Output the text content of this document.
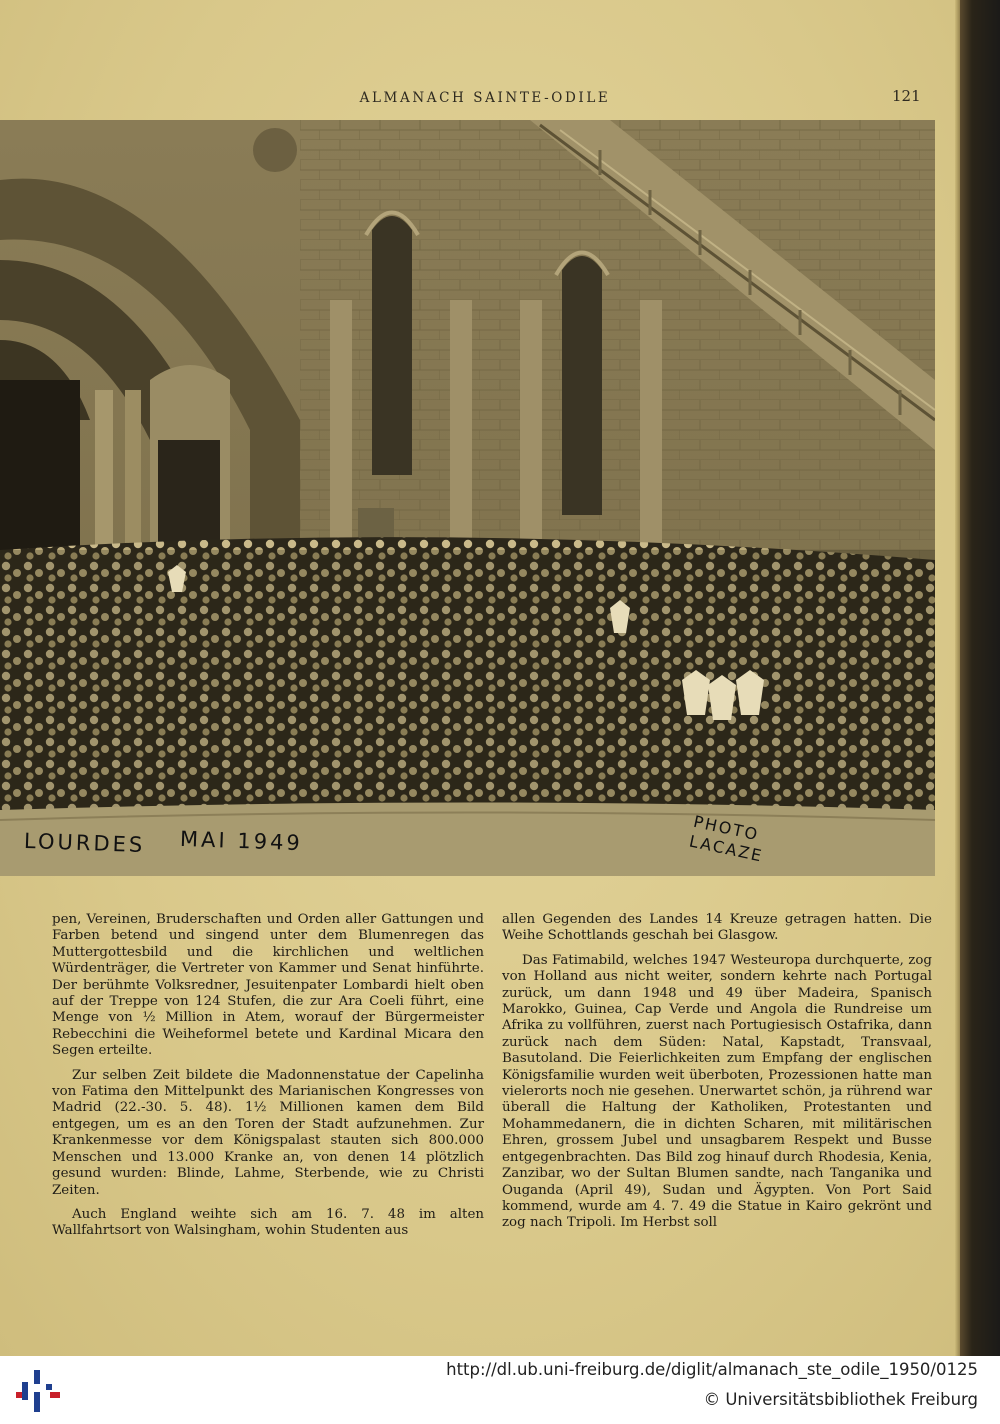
ALMANACH SAINTE-ODILE	121
LOURDES MAI 1949	PHOTO LACAZE

pen, Vereinen, Bruderschaften und Orden aller Gattungen und Farben betend und singend unter dem Blumenregen das Muttergottesbild und die kirchlichen und weltlichen Würdenträger, die Vertreter von Kammer und Senat hinführte. Der berühmte Volksredner, Jesuitenpater Lombardi hielt oben auf der Treppe von 124 Stufen, die zur Ara Coeli führt, eine Menge von ½ Million in Atem, worauf der Bürgermeister Rebecchini die Weiheformel betete und Kardinal Micara den Segen erteilte.

Zur selben Zeit bildete die Madonnenstatue der Capelinha von Fatima den Mittelpunkt des Marianischen Kongresses von Madrid (22.-30. 5. 48). 1½ Millionen kamen dem Bild entgegen, um es an den Toren der Stadt aufzunehmen. Zur Krankenmesse vor dem Königspalast stauten sich 800.000 Menschen und 13.000 Kranke an, von denen 14 plötzlich gesund wurden: Blinde, Lahme, Sterbende, wie zu Christi Zeiten.

Auch England weihte sich am 16. 7. 48 im alten Wallfahrtsort von Walsingham, wohin Studenten aus

allen Gegenden des Landes 14 Kreuze getragen hatten. Die Weihe Schottlands geschah bei Glasgow.

Das Fatimabild, welches 1947 Westeuropa durchquerte, zog von Holland aus nicht weiter, sondern kehrte nach Portugal zurück, um dann 1948 und 49 über Madeira, Spanisch Marokko, Guinea, Cap Verde und Angola die Rundreise um Afrika zu vollführen, zuerst nach Portugiesisch Ostafrika, dann zurück nach dem Süden: Natal, Kapstadt, Transvaal, Basutoland. Die Feierlichkeiten zum Empfang der englischen Königsfamilie wurden weit überboten, Prozessionen hatte man vielerorts noch nie gesehen. Unerwartet schön, ja rührend war überall die Haltung der Katholiken, Protestanten und Mohammedanern, die in dichten Scharen, mit militärischen Ehren, grossem Jubel und unsagbarem Respekt und Busse entgegenbrachten. Das Bild zog hinauf durch Rhodesia, Kenia, Zanzibar, wo der Sultan Blumen sandte, nach Tanganika und Ouganda (April 49), Sudan und Ägypten. Von Port Said kommend, wurde am 4. 7. 49 die Statue in Kairo gekrönt und zog nach Tripoli. Im Herbst soll

http://dl.ub.uni-freiburg.de/diglit/almanach_ste_odile_1950/0125
© Universitätsbibliothek Freiburg
